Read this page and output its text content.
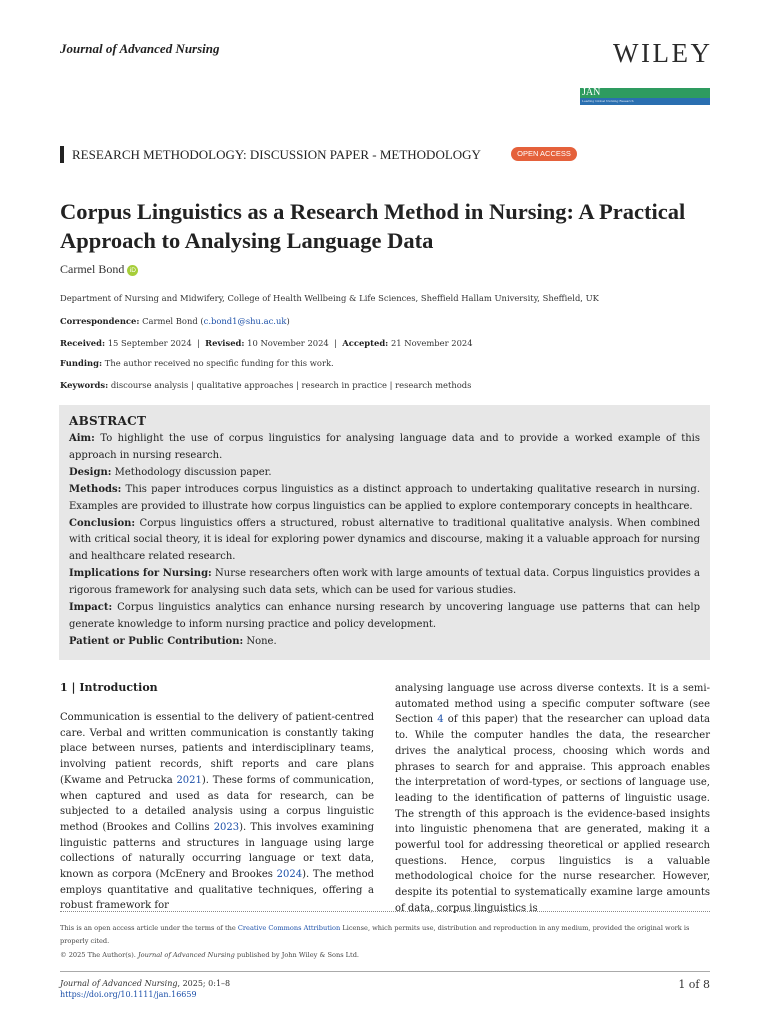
Journal of Advanced Nursing	WILEY
JAN
Leading Global Nursing Research
RESEARCH METHODOLOGY: DISCUSSION PAPER - METHODOLOGY	OPEN ACCESS
Corpus Linguistics as a Research Method in Nursing: A Practical Approach to Analysing Language Data
Carmel Bond iD
Department of Nursing and Midwifery, College of Health Wellbeing & Life Sciences, Sheffield Hallam University, Sheffield, UK
Correspondence: Carmel Bond (c.bond1@shu.ac.uk)
Received: 15 September 2024 | Revised: 10 November 2024 | Accepted: 21 November 2024
Funding: The author received no specific funding for this work.
Keywords: discourse analysis | qualitative approaches | research in practice | research methods
ABSTRACT

Aim: To highlight the use of corpus linguistics for analysing language data and to provide a worked example of this approach in nursing research.

Design: Methodology discussion paper.

Methods: This paper introduces corpus linguistics as a distinct approach to undertaking qualitative research in nursing. Examples are provided to illustrate how corpus linguistics can be applied to explore contemporary concepts in healthcare.

Conclusion: Corpus linguistics offers a structured, robust alternative to traditional qualitative analysis. When combined with critical social theory, it is ideal for exploring power dynamics and discourse, making it a valuable approach for nursing and healthcare related research.

Implications for Nursing: Nurse researchers often work with large amounts of textual data. Corpus linguistics provides a rigorous framework for analysing such data sets, which can be used for various studies.

Impact: Corpus linguistics analytics can enhance nursing research by uncovering language use patterns that can help generate knowledge to inform nursing practice and policy development.

Patient or Public Contribution: None.

1 | Introduction
Communication is essential to the delivery of patient-centred care. Verbal and written communication is constantly taking place between nurses, patients and interdisciplinary teams, involving patient records, shift reports and care plans (Kwame and Petrucka 2021). These forms of communication, when captured and used as data for research, can be subjected to a detailed analysis using a corpus linguistic method (Brookes and Collins 2023). This involves examining linguistic patterns and structures in language using large collections of naturally occurring language or text data, known as corpora (McEnery and Brookes 2024). The method employs quantitative and qualitative techniques, offering a robust framework for
analysing language use across diverse contexts. It is a semi-automated method using a specific computer software (see Section 4 of this paper) that the researcher can upload data to. While the computer handles the data, the researcher drives the analytical process, choosing which words and phrases to search for and appraise. This approach enables the interpretation of word-types, or sections of language use, leading to the identification of patterns of linguistic usage. The strength of this approach is the evidence-based insights into linguistic phenomena that are generated, making it a powerful tool for addressing theoretical or applied research questions. Hence, corpus linguistics is a valuable methodological choice for the nurse researcher. However, despite its potential to systematically examine large amounts of data, corpus linguistics is
This is an open access article under the terms of the Creative Commons Attribution License, which permits use, distribution and reproduction in any medium, provided the original work is properly cited.
© 2025 The Author(s). Journal of Advanced Nursing published by John Wiley & Sons Ltd.
Journal of Advanced Nursing, 2025; 0:1–8
https://doi.org/10.1111/jan.16659
1 of 8
